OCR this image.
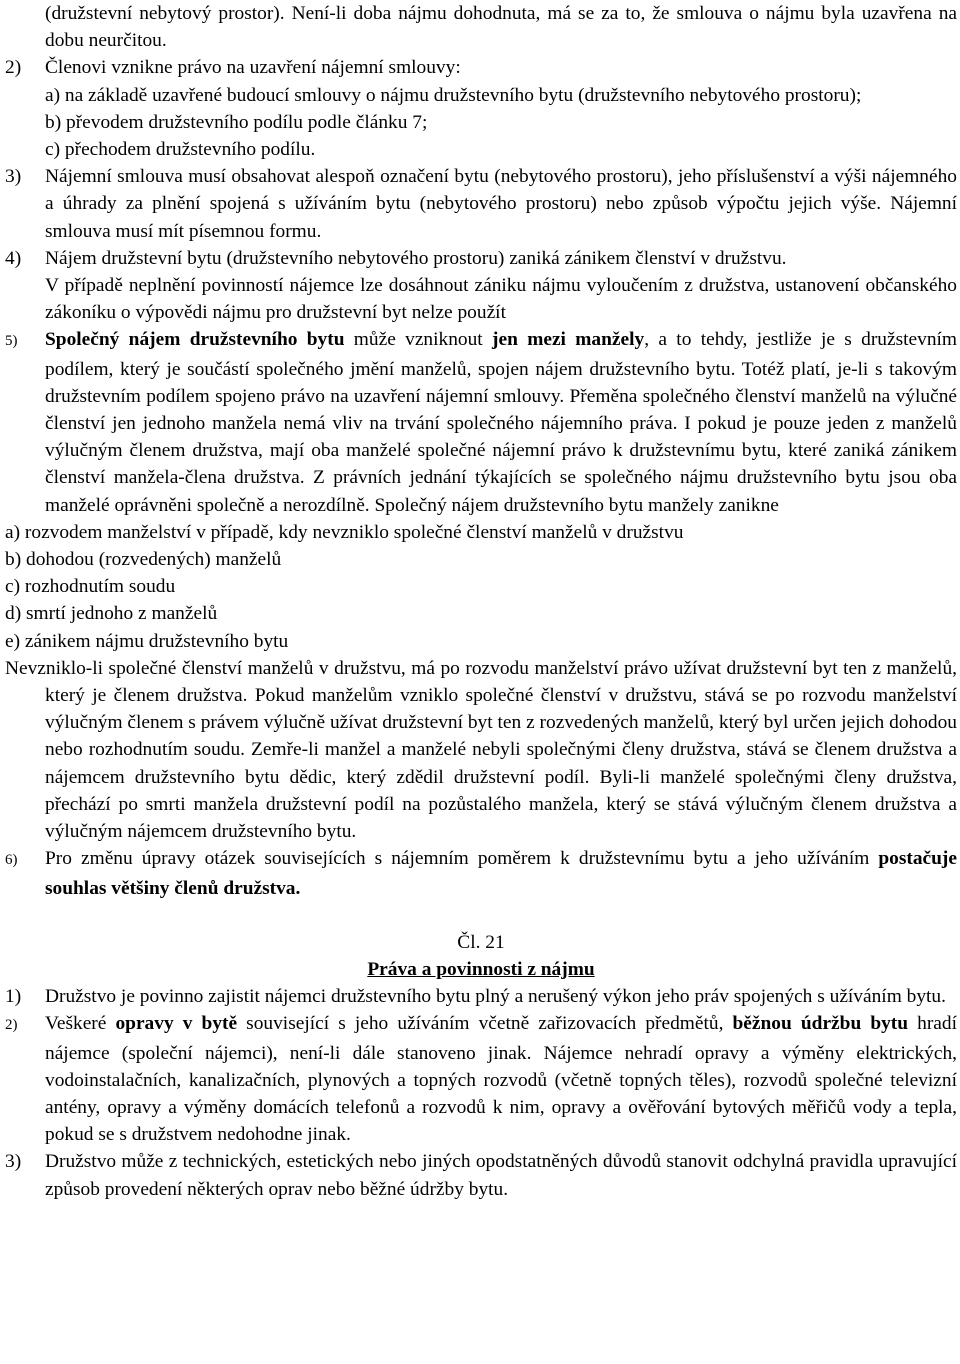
(družstevní nebytový prostor). Není-li doba nájmu dohodnuta, má se za to, že smlouva o nájmu byla uzavřena na dobu neurčitou.

2) Členovi vznikne právo na uzavření nájemní smlouvy:

a) na základě uzavřené budoucí smlouvy o nájmu družstevního bytu (družstevního nebytového prostoru);

b) převodem družstevního podílu podle článku 7;

c) přechodem družstevního podílu.

3) Nájemní smlouva musí obsahovat alespoň označení bytu (nebytového prostoru), jeho příslušenství a výši nájemného a úhrady za plnění spojená s užíváním bytu (nebytového prostoru) nebo způsob výpočtu jejich výše. Nájemní smlouva musí mít písemnou formu.

4) Nájem družstevní bytu (družstevního nebytového prostoru) zaniká zánikem členství v družstvu.

V případě neplnění povinností nájemce lze dosáhnout zániku nájmu vyloučením z družstva, ustanovení občanského zákoníku o výpovědi nájmu pro družstevní byt nelze použít

5) Společný nájem družstevního bytu může vzniknout jen mezi manžely, a to tehdy, jestliže je s družstevním podílem, který je součástí společného jmění manželů, spojen nájem družstevního bytu. Totéž platí, je-li s takovým družstevním podílem spojeno právo na uzavření nájemní smlouvy. Přeměna společného členství manželů na výlučné členství jen jednoho manžela nemá vliv na trvání společného nájemního práva. I pokud je pouze jeden z manželů výlučným členem družstva, mají oba manželé společné nájemní právo k družstevnímu bytu, které zaniká zánikem členství manžela-člena družstva. Z právních jednání týkajících se společného nájmu družstevního bytu jsou oba manželé oprávněni společně a nerozdílně. Společný nájem družstevního bytu manžely zanikne

a) rozvodem manželství v případě, kdy nevzniklo společné členství manželů v družstvu

b) dohodou (rozvedených) manželů

c) rozhodnutím soudu

d) smrtí jednoho z manželů

e) zánikem nájmu družstevního bytu

Nevzniklo-li společné členství manželů v družstvu, má po rozvodu manželství právo užívat družstevní byt ten z manželů, který je členem družstva. Pokud manželům vzniklo společné členství v družstvu, stává se po rozvodu manželství výlučným členem s právem výlučně užívat družstevní byt ten z rozvedených manželů, který byl určen jejich dohodou nebo rozhodnutím soudu. Zemře-li manžel a manželé nebyli společnými členy družstva, stává se členem družstva a nájemcem družstevního bytu dědic, který zdědil družstevní podíl. Byli-li manželé společnými členy družstva, přechází po smrti manžela družstevní podíl na pozůstalého manžela, který se stává výlučným členem družstva a výlučným nájemcem družstevního bytu.

6) Pro změnu úpravy otázek souvisejících s nájemním poměrem k družstevnímu bytu a jeho užíváním postačuje souhlas většiny členů družstva.

Čl. 21

Práva a povinnosti z nájmu

1) Družstvo je povinno zajistit nájemci družstevního bytu plný a nerušený výkon jeho práv spojených s užíváním bytu.

2) Veškeré opravy v bytě související s jeho užíváním včetně zařizovacích předmětů, běžnou údržbu bytu hradí nájemce (společní nájemci), není-li dále stanoveno jinak. Nájemce nehradí opravy a výměny elektrických, vodoinstalačních, kanalizačních, plynových a topných rozvodů (včetně topných těles), rozvodů společné televizní antény, opravy a výměny domácích telefonů a rozvodů k nim, opravy a ověřování bytových měřičů vody a tepla, pokud se s družstvem nedohodne jinak.

3) Družstvo může z technických, estetických nebo jiných opodstatněných důvodů stanovit odchylná pravidla upravující způsob provedení některých oprav nebo běžné údržby bytu.
